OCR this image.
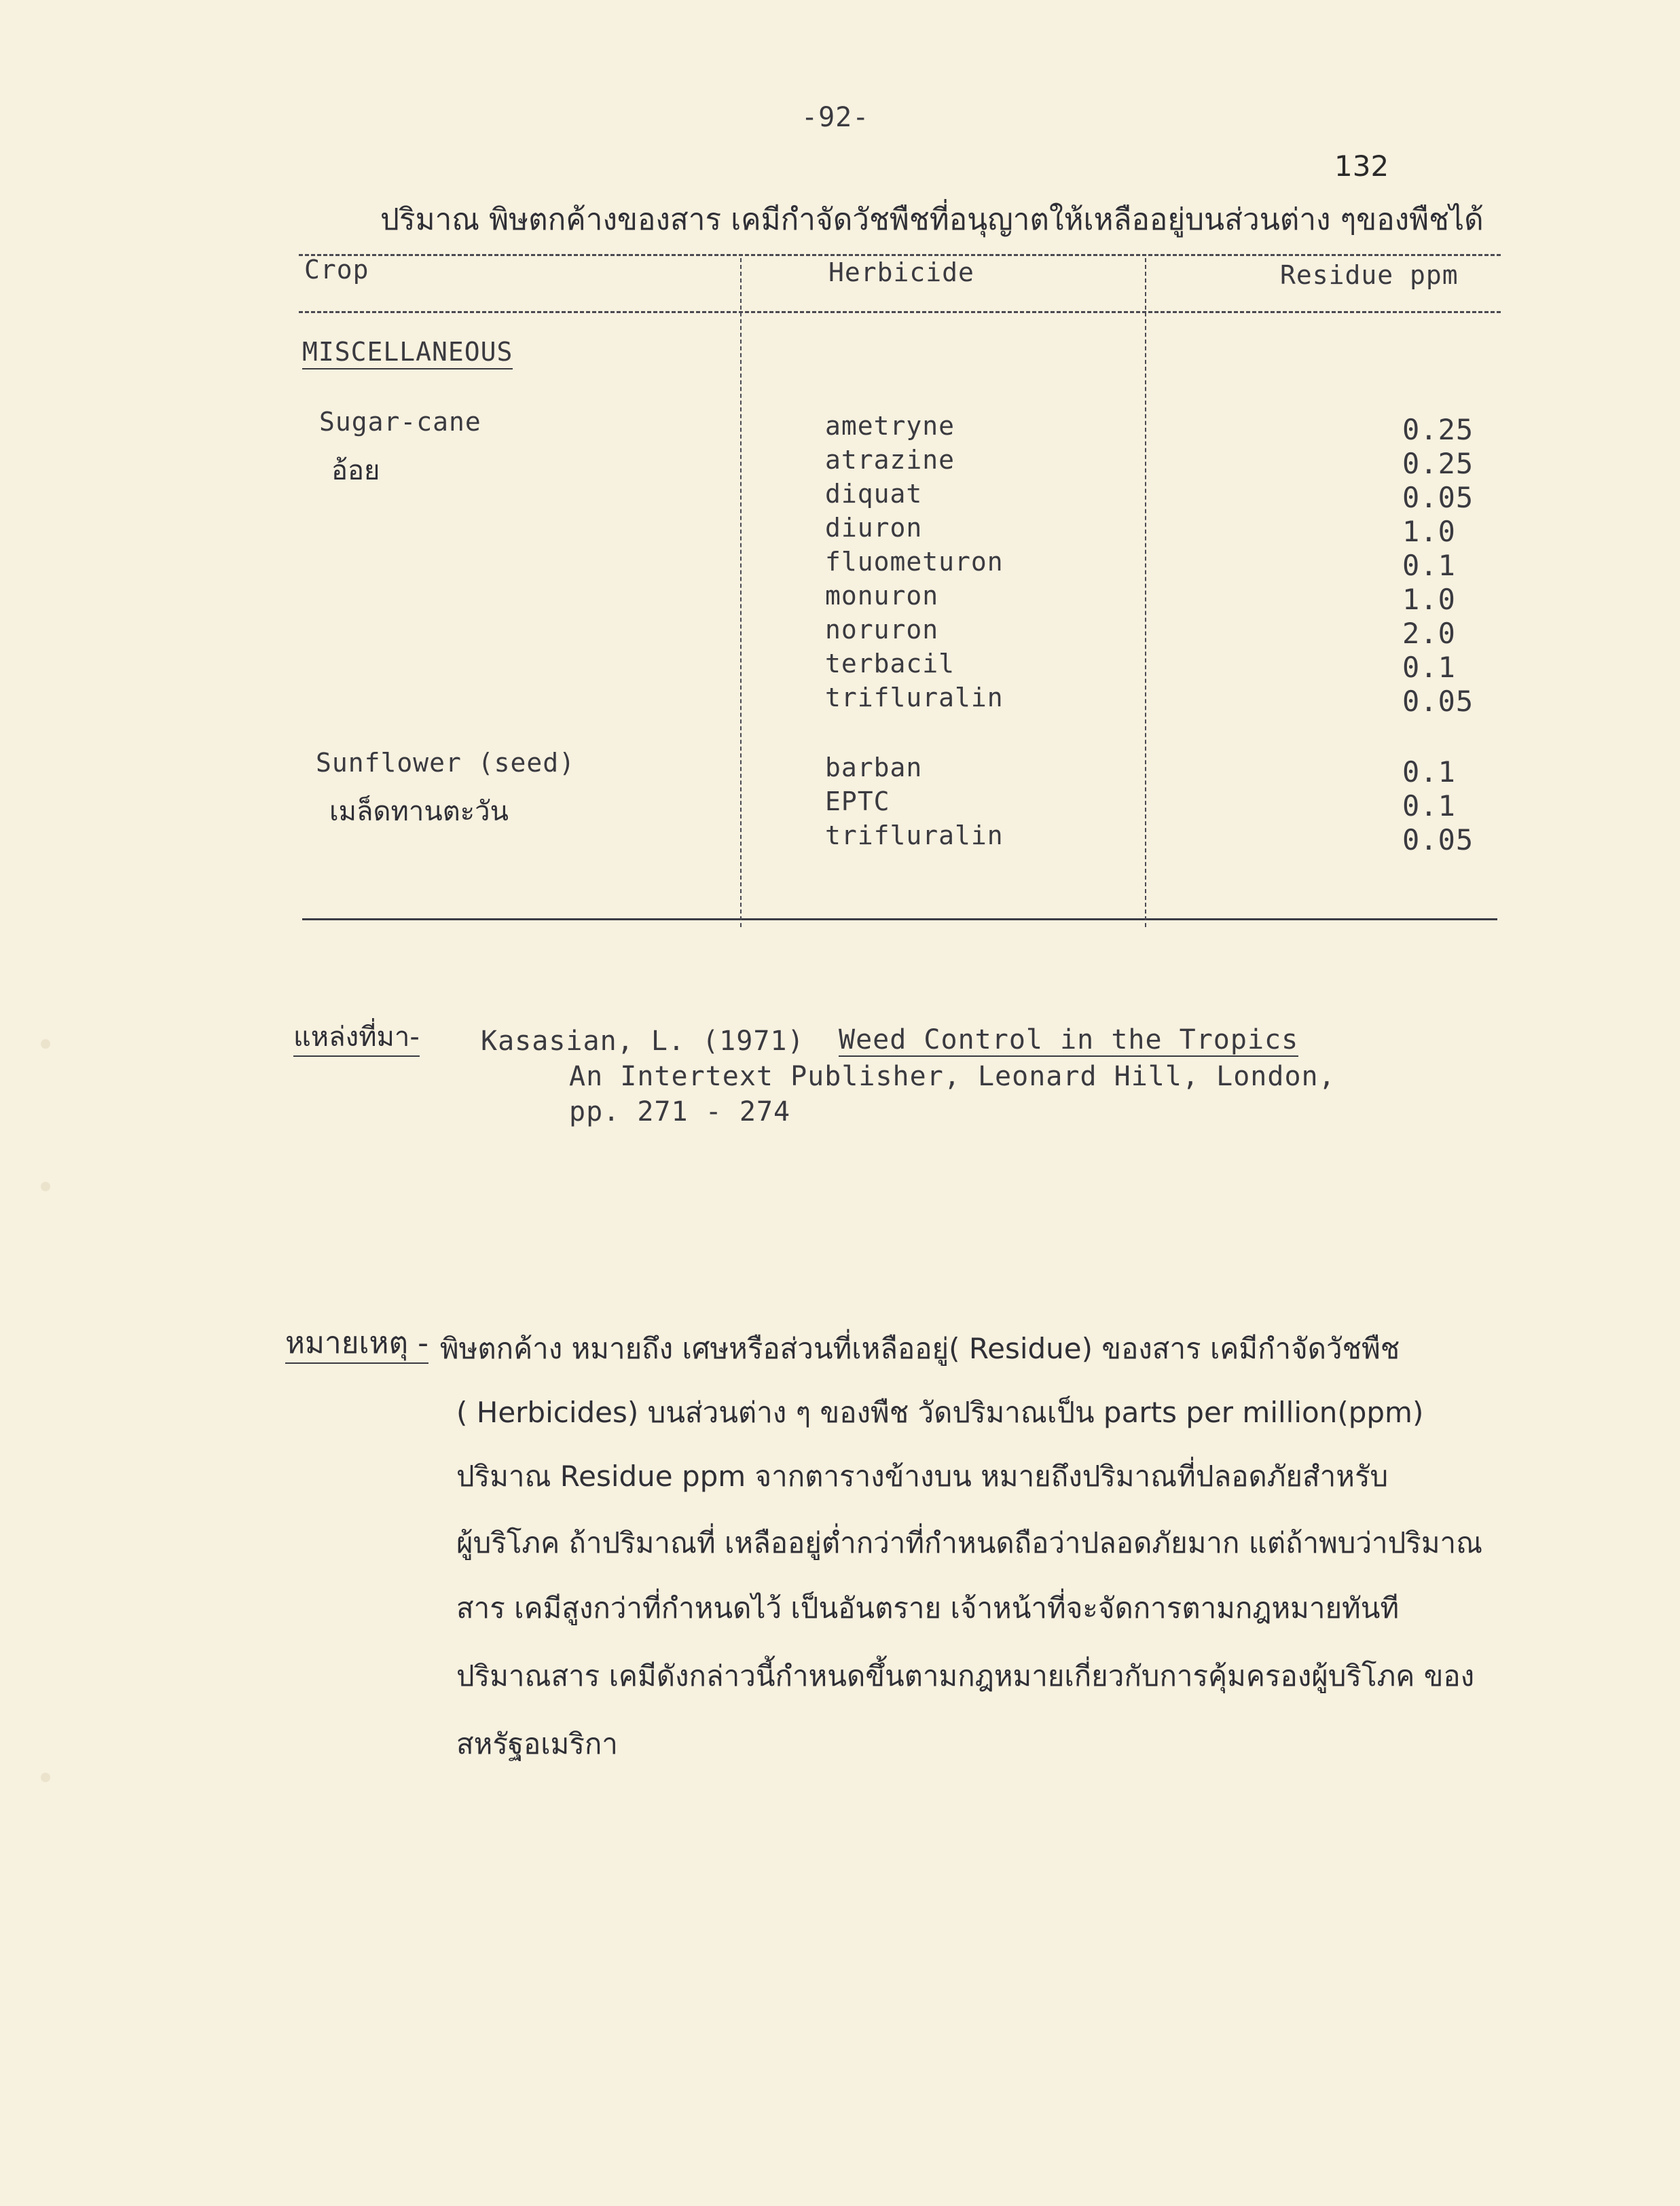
-92-
132
ปริมาณ พิษตกค้างของสาร เคมีกำจัดวัชพืชที่อนุญาตให้เหลืออยู่บนส่วนต่าง ๆของพืชได้
Crop	Herbicide	Residue ppm
MISCELLANEOUS
Sugar-cane
อ้อย
ametryne
atrazine
diquat
diuron
fluometuron
monuron
noruron
terbacil
trifluralin
0.25
0.25
0.05
1.0
0.1
1.0
2.0
0.1
0.05
Sunflower (seed)
เมล็ดทานตะวัน
barban
EPTC
trifluralin
0.1
0.1
0.05
แหล่งที่มา- Kasasian, L. (1971) Weed Control in the Tropics
An Intertext Publisher, Leonard Hill, London,
pp. 271 - 274
หมายเหตุ - พิษตกค้าง หมายถึง เศษหรือส่วนที่เหลืออยู่( Residue) ของสาร เคมีกำจัดวัชพืช
( Herbicides) บนส่วนต่าง ๆ ของพืช วัดปริมาณเป็น parts per million(ppm)
ปริมาณ Residue ppm จากตารางข้างบน หมายถึงปริมาณที่ปลอดภัยสำหรับ
ผู้บริโภค ถ้าปริมาณที่ เหลืออยู่ต่ำกว่าที่กำหนดถือว่าปลอดภัยมาก แต่ถ้าพบว่าปริมาณ
สาร เคมีสูงกว่าที่กำหนดไว้ เป็นอันตราย เจ้าหน้าที่จะจัดการตามกฎหมายทันที
ปริมาณสาร เคมีดังกล่าวนี้กำหนดขึ้นตามกฎหมายเกี่ยวกับการคุ้มครองผู้บริโภค ของ
สหรัฐอเมริกา
